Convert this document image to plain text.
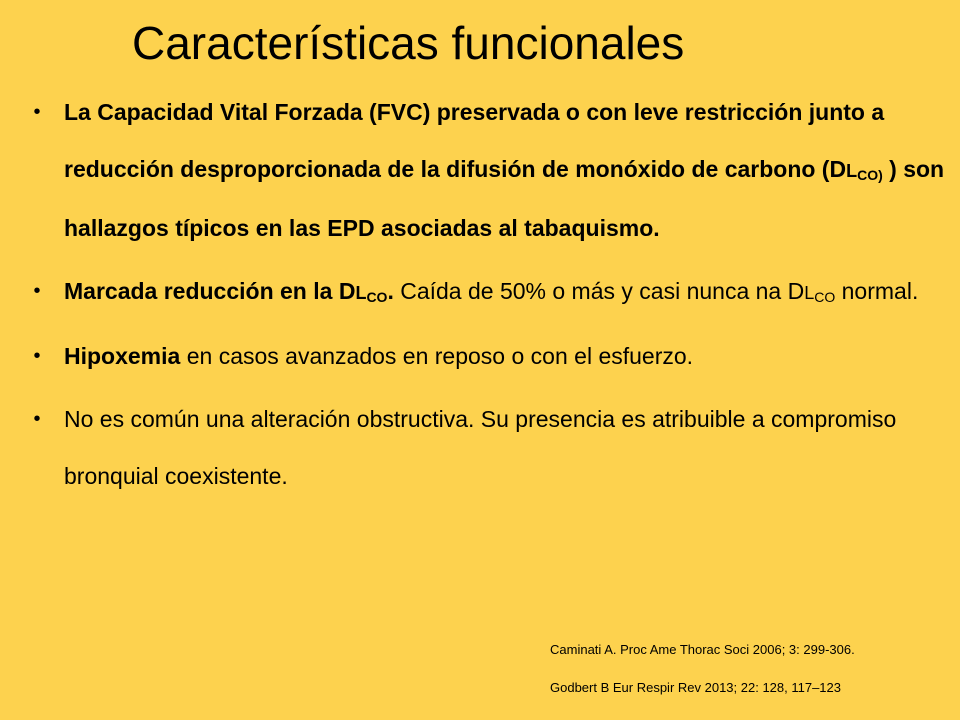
Características funcionales
• La Capacidad Vital Forzada (FVC) preservada o con leve restricción junto a reducción desproporcionada de la difusión de monóxido de carbono ($DL_{CO)}$ ) son hallazgos típicos en las EPD asociadas al tabaquismo.
• Marcada reducción en la $DL_{CO}$. Caída de 50% o más y casi nunca na $DL_{CO}$ normal.
• Hipoxemia en casos avanzados en reposo o con el esfuerzo.
• No es común una alteración obstructiva. Su presencia es atribuible a compromiso bronquial coexistente.

Caminati A. Proc Ame Thorac Soci 2006; 3: 299-306.

Godbert B Eur Respir Rev 2013; 22: 128, 117–123
